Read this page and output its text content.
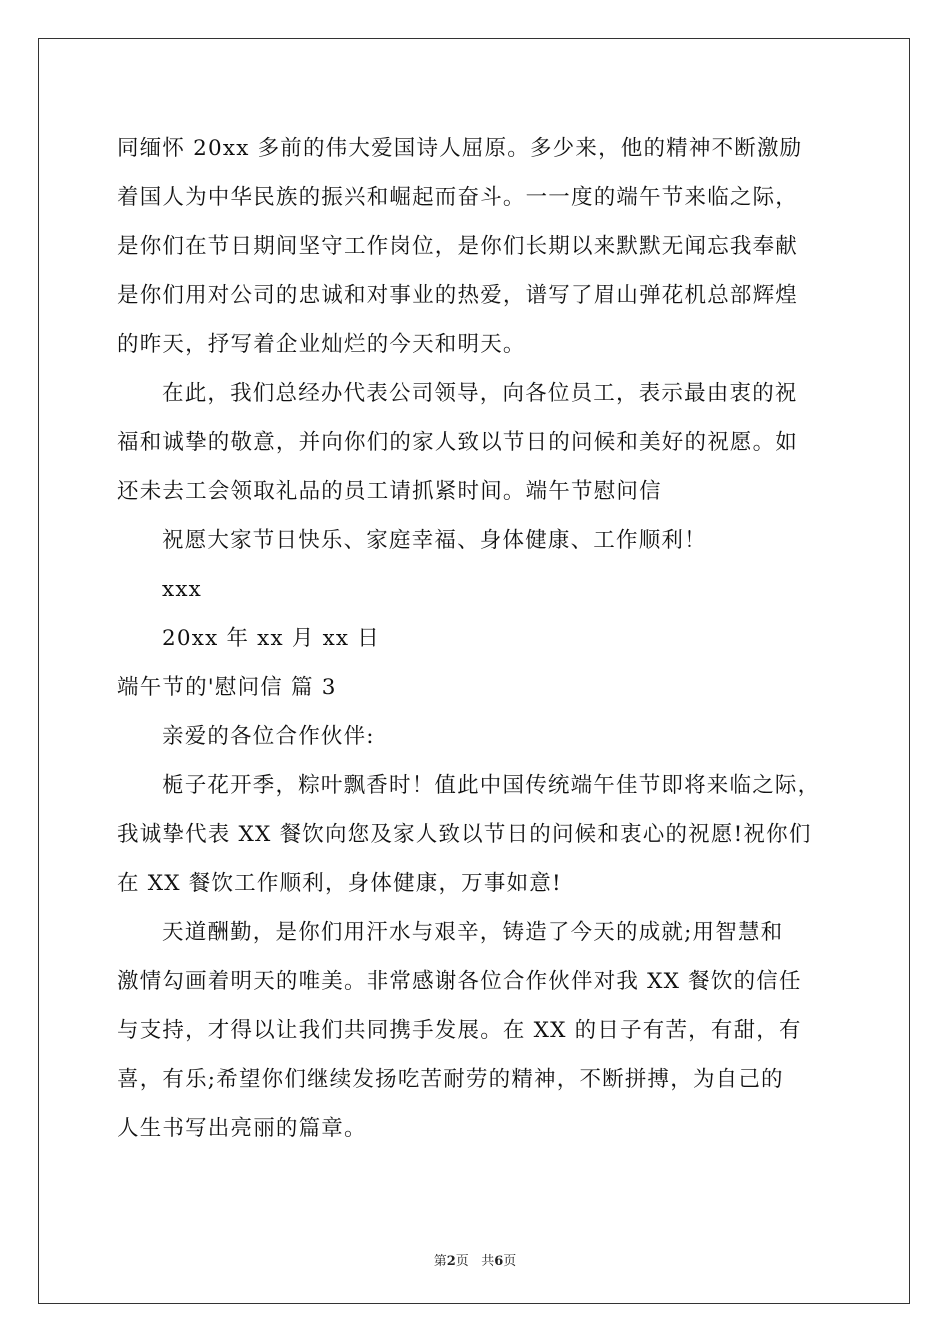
同缅怀 20xx 多前的伟大爱国诗人屈原。多少来，他的精神不断激励
着国人为中华民族的振兴和崛起而奋斗。一一度的端午节来临之际，
是你们在节日期间坚守工作岗位，是你们长期以来默默无闻忘我奉献
是你们用对公司的忠诚和对事业的热爱，谱写了眉山弹花机总部辉煌
的昨天，抒写着企业灿烂的今天和明天。
在此，我们总经办代表公司领导，向各位员工，表示最由衷的祝
福和诚挚的敬意，并向你们的家人致以节日的问候和美好的祝愿。如
还未去工会领取礼品的员工请抓紧时间。端午节慰问信
祝愿大家节日快乐、家庭幸福、身体健康、工作顺利！
xxx
20xx 年 xx 月 xx 日
端午节的'慰问信 篇 3
亲爱的各位合作伙伴:
栀子花开季，粽叶飘香时！值此中国传统端午佳节即将来临之际，
我诚挚代表 XX 餐饮向您及家人致以节日的问候和衷心的祝愿!祝你们
在 XX 餐饮工作顺利，身体健康，万事如意!
天道酬勤，是你们用汗水与艰辛，铸造了今天的成就;用智慧和
激情勾画着明天的唯美。非常感谢各位合作伙伴对我 XX 餐饮的信任
与支持，才得以让我们共同携手发展。在 XX 的日子有苦，有甜，有
喜，有乐;希望你们继续发扬吃苦耐劳的精神，不断拼搏，为自己的
人生书写出亮丽的篇章。
第2页 共6页
